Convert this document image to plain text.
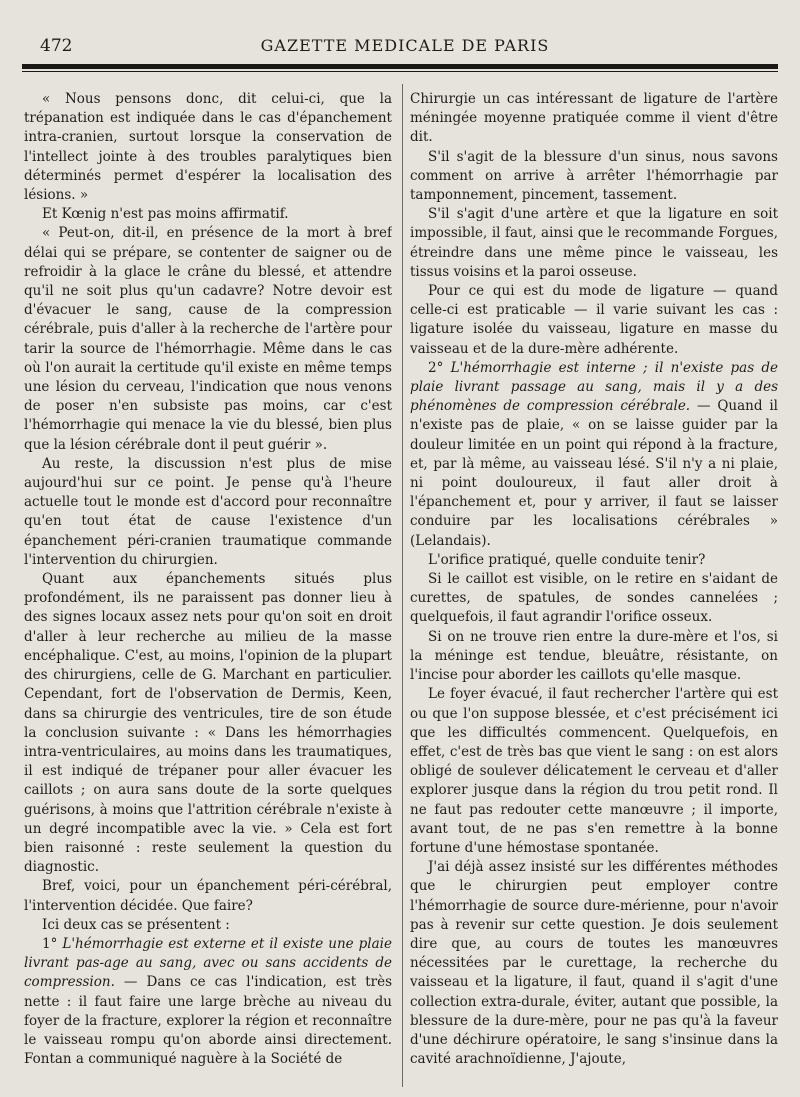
472	GAZETTE MEDICALE DE PARIS

« Nous pensons donc, dit celui-ci, que la trépanation est indiquée dans le cas d'épanchement intra-cranien, surtout lorsque la conservation de l'intellect jointe à des troubles paralytiques bien déterminés permet d'espérer la localisation des lésions. »

Et Kœnig n'est pas moins affirmatif.

« Peut-on, dit-il, en présence de la mort à bref délai qui se prépare, se contenter de saigner ou de refroidir à la glace le crâne du blessé, et attendre qu'il ne soit plus qu'un cadavre? Notre devoir est d'évacuer le sang, cause de la compression cérébrale, puis d'aller à la recherche de l'artère pour tarir la source de l'hémorrhagie. Même dans le cas où l'on aurait la certitude qu'il existe en même temps une lésion du cerveau, l'indication que nous venons de poser n'en subsiste pas moins, car c'est l'hémorrhagie qui menace la vie du blessé, bien plus que la lésion cérébrale dont il peut guérir ».

Au reste, la discussion n'est plus de mise aujourd'hui sur ce point. Je pense qu'à l'heure actuelle tout le monde est d'accord pour reconnaître qu'en tout état de cause l'existence d'un épanchement péri-cranien traumatique commande l'intervention du chirurgien.

Quant aux épanchements situés plus profondément, ils ne paraissent pas donner lieu à des signes locaux assez nets pour qu'on soit en droit d'aller à leur recherche au milieu de la masse encéphalique. C'est, au moins, l'opinion de la plupart des chirurgiens, celle de G. Marchant en particulier. Cependant, fort de l'observation de Dermis, Keen, dans sa chirurgie des ventricules, tire de son étude la conclusion suivante : « Dans les hémorrhagies intra-ventriculaires, au moins dans les traumatiques, il est indiqué de trépaner pour aller évacuer les caillots ; on aura sans doute de la sorte quelques guérisons, à moins que l'attrition cérébrale n'existe à un degré incompatible avec la vie. » Cela est fort bien raisonné : reste seulement la question du diagnostic.

Bref, voici, pour un épanchement péri-cérébral, l'intervention décidée. Que faire?

Ici deux cas se présentent :

1° L'hémorrhagie est externe et il existe une plaie livrant pas-age au sang, avec ou sans accidents de compression. — Dans ce cas l'indication, est très nette : il faut faire une large brèche au niveau du foyer de la fracture, explorer la région et reconnaître le vaisseau rompu qu'on aborde ainsi directement. Fontan a communiqué naguère à la Société de

Chirurgie un cas intéressant de ligature de l'artère méningée moyenne pratiquée comme il vient d'être dit.

S'il s'agit de la blessure d'un sinus, nous savons comment on arrive à arrêter l'hémorrhagie par tamponnement, pincement, tassement.

S'il s'agit d'une artère et que la ligature en soit impossible, il faut, ainsi que le recommande Forgues, étreindre dans une même pince le vaisseau, les tissus voisins et la paroi osseuse.

Pour ce qui est du mode de ligature — quand celle-ci est praticable — il varie suivant les cas : ligature isolée du vaisseau, ligature en masse du vaisseau et de la dure-mère adhérente.

2° L'hémorrhagie est interne ; il n'existe pas de plaie livrant passage au sang, mais il y a des phénomènes de compression cérébrale. — Quand il n'existe pas de plaie, « on se laisse guider par la douleur limitée en un point qui répond à la fracture, et, par là même, au vaisseau lésé. S'il n'y a ni plaie, ni point douloureux, il faut aller droit à l'épanchement et, pour y arriver, il faut se laisser conduire par les localisations cérébrales » (Lelandais).

L'orifice pratiqué, quelle conduite tenir?

Si le caillot est visible, on le retire en s'aidant de curettes, de spatules, de sondes cannelées ; quelquefois, il faut agrandir l'orifice osseux.

Si on ne trouve rien entre la dure-mère et l'os, si la méninge est tendue, bleuâtre, résistante, on l'incise pour aborder les caillots qu'elle masque.

Le foyer évacué, il faut rechercher l'artère qui est ou que l'on suppose blessée, et c'est précisément ici que les difficultés commencent. Quelquefois, en effet, c'est de très bas que vient le sang : on est alors obligé de soulever délicatement le cerveau et d'aller explorer jusque dans la région du trou petit rond. Il ne faut pas redouter cette manœuvre ; il importe, avant tout, de ne pas s'en remettre à la bonne fortune d'une hémostase spontanée.

J'ai déjà assez insisté sur les différentes méthodes que le chirurgien peut employer contre l'hémorrhagie de source dure-mérienne, pour n'avoir pas à revenir sur cette question. Je dois seulement dire que, au cours de toutes les manœuvres nécessitées par le curettage, la recherche du vaisseau et la ligature, il faut, quand il s'agit d'une collection extra-durale, éviter, autant que possible, la blessure de la dure-mère, pour ne pas qu'à la faveur d'une déchirure opératoire, le sang s'insinue dans la cavité arachnoïdienne, J'ajoute,
